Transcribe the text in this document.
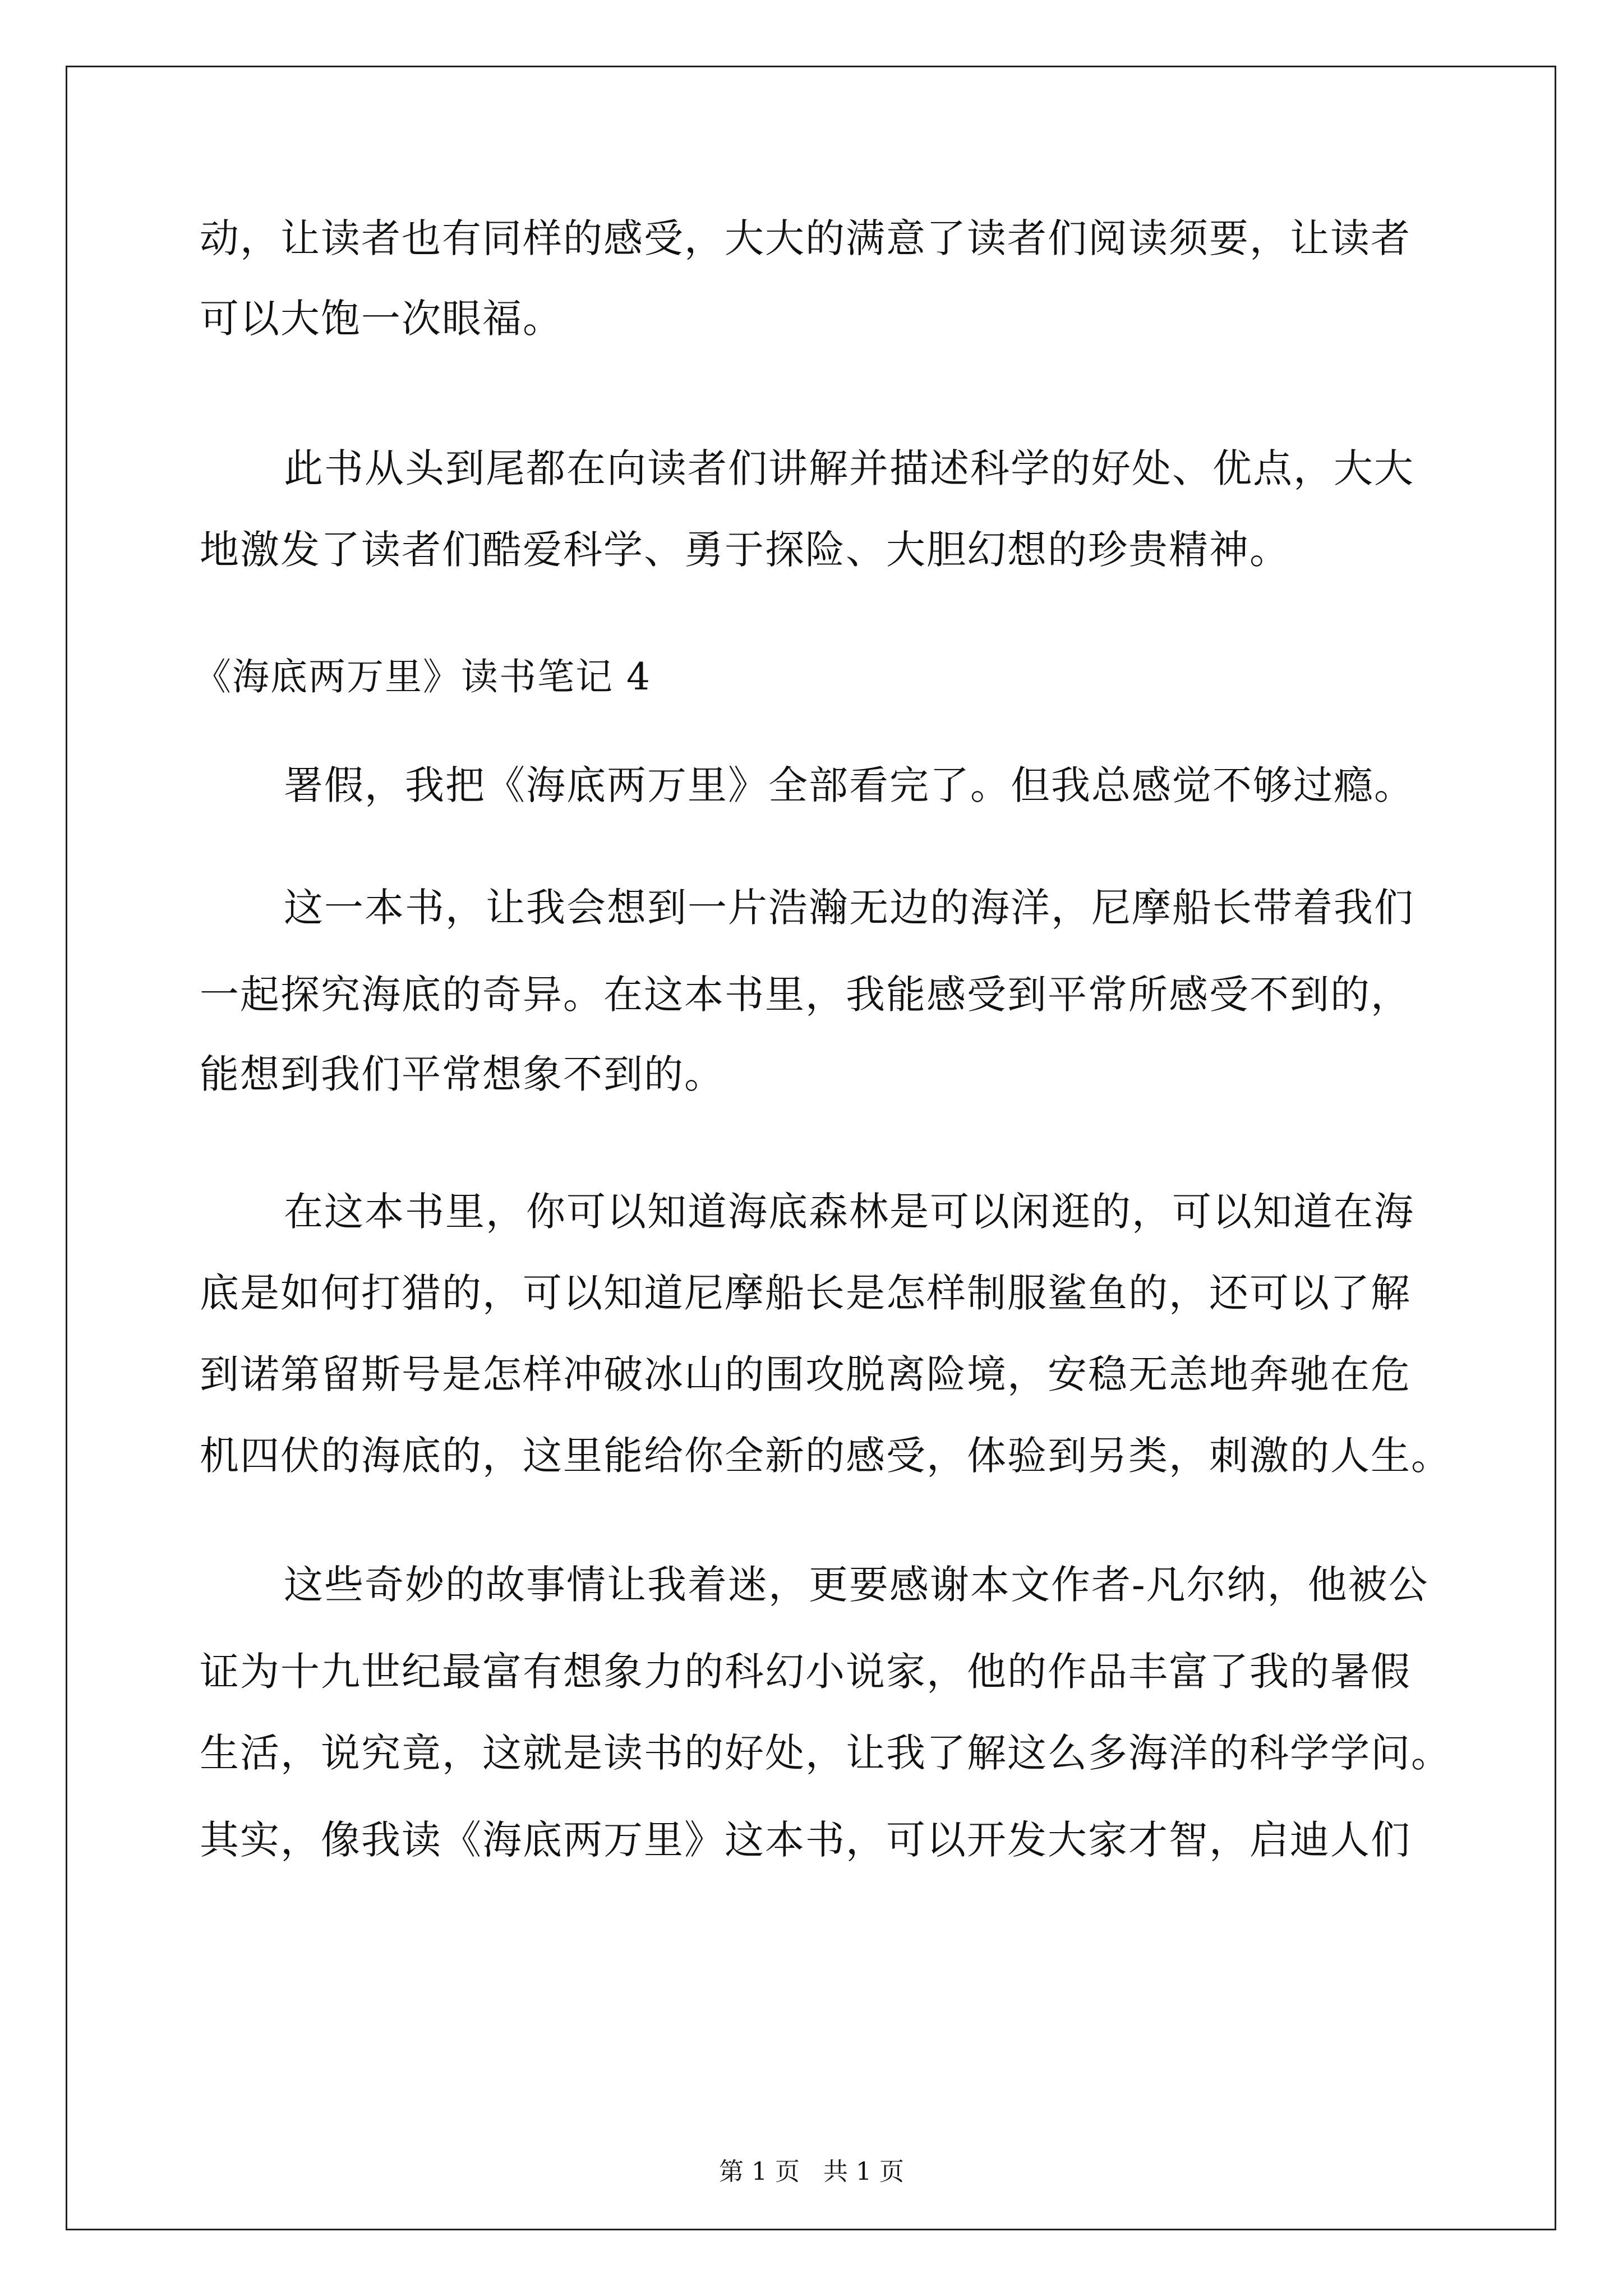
动，让读者也有同样的感受，大大的满意了读者们阅读须要，让读者
可以大饱一次眼福。
此书从头到尾都在向读者们讲解并描述科学的好处、优点，大大
地激发了读者们酷爱科学、勇于探险、大胆幻想的珍贵精神。
《海底两万里》读书笔记 4
署假，我把《海底两万里》全部看完了。但我总感觉不够过瘾。
这一本书，让我会想到一片浩瀚无边的海洋，尼摩船长带着我们
一起探究海底的奇异。在这本书里，我能感受到平常所感受不到的，
能想到我们平常想象不到的。
在这本书里，你可以知道海底森林是可以闲逛的，可以知道在海
底是如何打猎的，可以知道尼摩船长是怎样制服鲨鱼的，还可以了解
到诺第留斯号是怎样冲破冰山的围攻脱离险境，安稳无恙地奔驰在危
机四伏的海底的，这里能给你全新的感受，体验到另类，刺激的人生。
这些奇妙的故事情让我着迷，更要感谢本文作者-凡尔纳，他被公
证为十九世纪最富有想象力的科幻小说家，他的作品丰富了我的暑假
生活，说究竟，这就是读书的好处，让我了解这么多海洋的科学学问。
其实，像我读《海底两万里》这本书，可以开发大家才智，启迪人们
第 1 页   共 1 页
